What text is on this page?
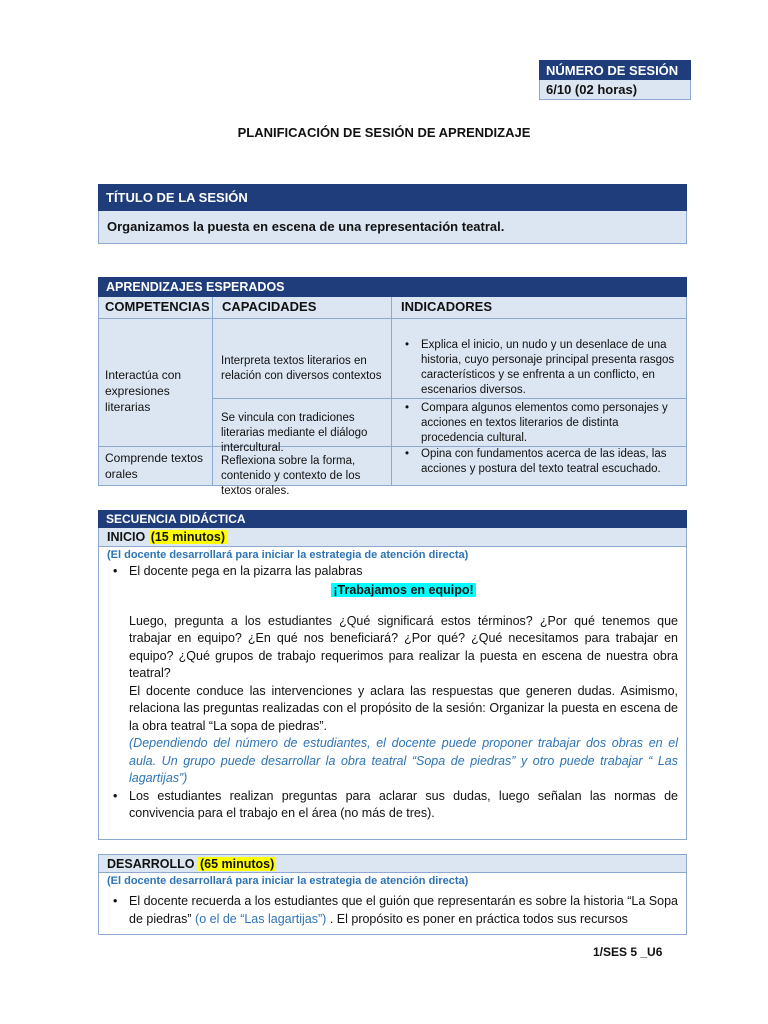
NÚMERO DE SESIÓN
6/10 (02 horas)
PLANIFICACIÓN DE SESIÓN DE APRENDIZAJE
TÍTULO DE LA SESIÓN
Organizamos la puesta en escena de una representación teatral.
APRENDIZAJES ESPERADOS
COMPETENCIAS CAPACIDADES	INDICADORES
Interactúa con expresiones literarias
Comprende textos orales
Interpreta textos literarios en relación con diversos contextos
Se vincula con tradiciones literarias mediante el diálogo intercultural.
Reflexiona sobre la forma, contenido y contexto de los textos orales.
• Explica el inicio, un nudo y un desenlace de una historia, cuyo personaje principal presenta rasgos característicos y se enfrenta a un conflicto, en escenarios diversos.
• Compara algunos elementos como personajes y acciones en textos literarios de distinta procedencia cultural.
• Opina con fundamentos acerca de las ideas, las acciones y postura del texto teatral escuchado.
SECUENCIA DIDÁCTICA
INICIO (15 minutos)
(El docente desarrollará para iniciar la estrategia de atención directa)
• El docente pega en la pizarra las palabras
¡Trabajamos en equipo!
Luego, pregunta a los estudiantes ¿Qué significará estos términos? ¿Por qué tenemos que trabajar en equipo? ¿En qué nos beneficiará? ¿Por qué? ¿Qué necesitamos para trabajar en equipo? ¿Qué grupos de trabajo requerimos para realizar la puesta en escena de nuestra obra teatral?
El docente conduce las intervenciones y aclara las respuestas que generen dudas. Asimismo, relaciona las preguntas realizadas con el propósito de la sesión: Organizar la puesta en escena de la obra teatral “La sopa de piedras”.
(Dependiendo del número de estudiantes, el docente puede proponer trabajar dos obras en el aula. Un grupo puede desarrollar la obra teatral “Sopa de piedras” y otro puede trabajar “ Las lagartijas”)
• Los estudiantes realizan preguntas para aclarar sus dudas, luego señalan las normas de convivencia para el trabajo en el área (no más de tres).
DESARROLLO (65 minutos)
(El docente desarrollará para iniciar la estrategia de atención directa)
• El docente recuerda a los estudiantes que el guión que representarán es sobre la historia “La Sopa de piedras” (o el de “Las lagartijas”) . El propósito es poner en práctica todos sus recursos
1/SES 5 _U6
